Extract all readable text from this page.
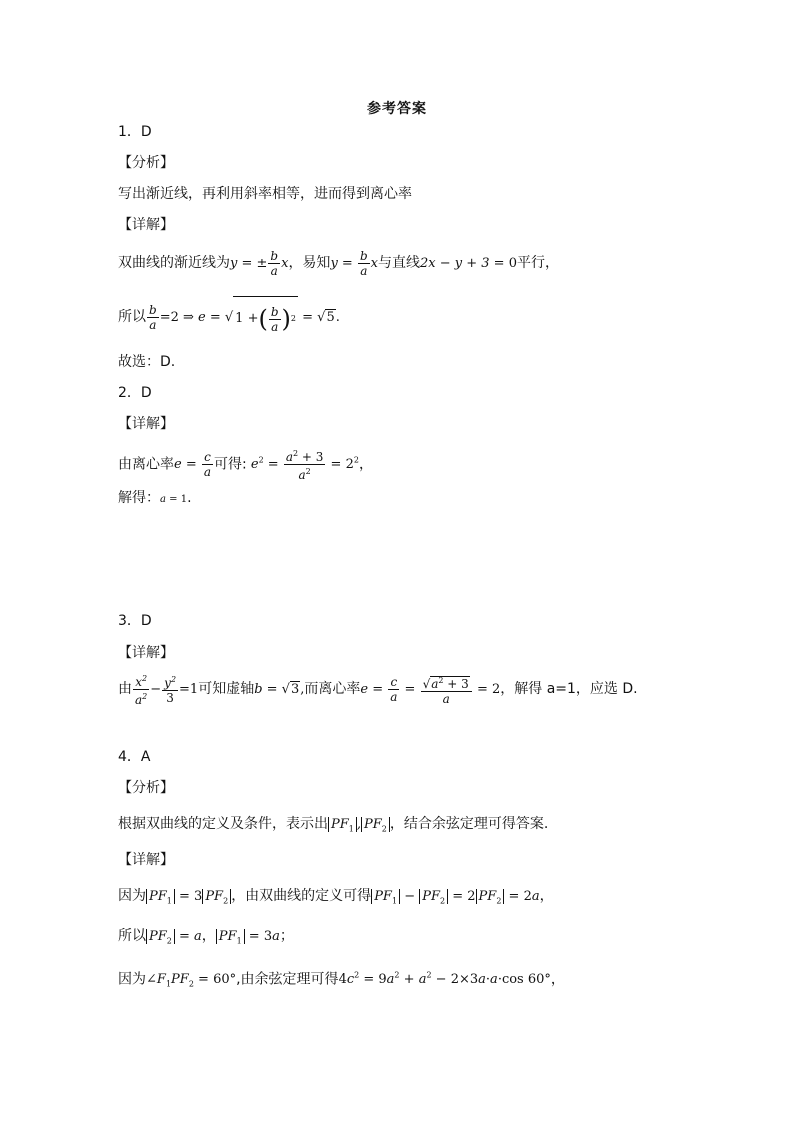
参考答案
1．D
【分析】
写出渐近线，再利用斜率相等，进而得到离心率
【详解】
双曲线的渐近线为y = ± $\frac{b}{a}$ x，易知$y = \frac{b}{a}$ x与直线2x − y + 3 = 0平行，
所以 $\frac{b}{a} =2$ ⇒ e = √ 1 + ( $\frac{b}{a}$ ) 2 = √5.
故选：D.
2．D
【详解】
由离心率$e = \frac{c}{a}$ 可得: $e^2 = \frac{a^2 + 3}{a^2} = 2^2$，
解得：a = 1.
3．D
【详解】
由 $\frac{x^2}{a^2} - \frac{y^2}{3} =1$可知虚轴b = √3,而离心率$e = \frac{c}{a} = \frac{√a^2 + 3}{a} = 2$，解得 a=1，应选 D.
4．A
【分析】
根据双曲线的定义及条件，表示出 $PF_1$ , $PF_2$ ，结合余弦定理可得答案.
【详解】
因为 $PF_1 = 3$ $PF_2$ ，由双曲线的定义可得 $PF_1 - PF_2 = 2$ $PF_2 = 2a$，
所以 $PF_2 = a$， $PF_1 = 3a$；
因为$\angle F_1PF_2 = 60^\circ$,由余弦定理可得$4c^2 = 9a^2 + a^2 - 2\times 3a\cdot a\cdot\cos$ 60°，
